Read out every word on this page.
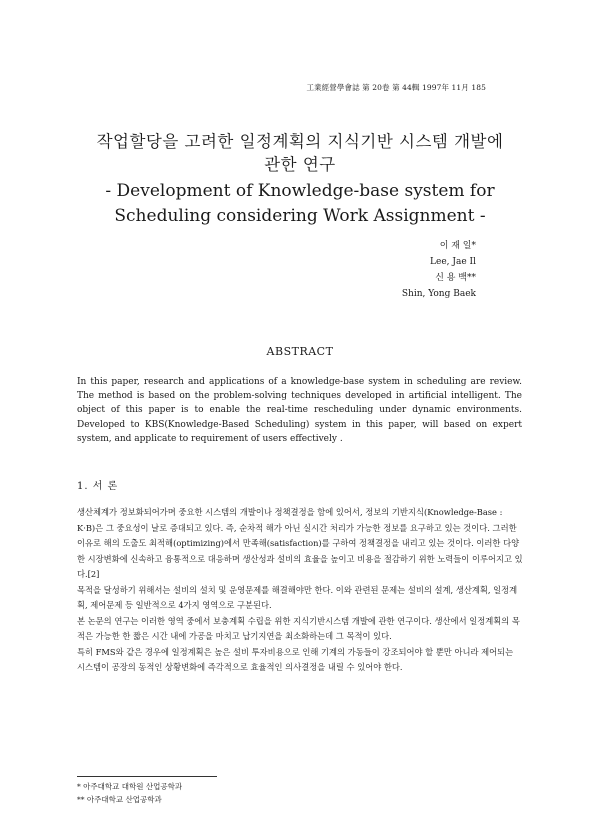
工業經營學會誌 第 20卷 第 44輯 1997年 11月 185
작업할당을 고려한 일정계획의 지식기반 시스템 개발에
관한 연구
- Development of Knowledge-base system for
Scheduling considering Work Assignment -
이 재 일*
Lee, Jae Il
신 용 백**
Shin, Yong Baek
ABSTRACT
In this paper, research and applications of a knowledge-base system in scheduling are review. The method is based on the problem-solving techniques developed in artificial intelligent. The object of this paper is to enable the real-time rescheduling under dynamic environments. Developed to KBS(Knowledge-Based Scheduling) system in this paper, will based on expert system, and applicate to requirement of users effectively .
1. 서 론

생산체계가 정보화되어가며 중요한 시스템의 개발이나 정책결정을 함에 있어서, 정보의 기반지식(Knowledge-Base : K·B)은 그 중요성이 날로 증대되고 있다. 즉, 순차적 해가 아닌 실시간 처리가 가능한 정보를 요구하고 있는 것이다. 그러한 이유로 해의 도출도 최적해(optimizing)에서 만족해(satisfaction)를 구하여 정책결정을 내리고 있는 것이다. 이러한 다양한 시장변화에 신속하고 융통적으로 대응하며 생산성과 설비의 효율을 높이고 비용을 절감하기 위한 노력들이 이루어지고 있다.[2]

목적을 달성하기 위해서는 설비의 설치 및 운영문제를 해결해야만 한다. 이와 관련된 문제는 설비의 설계, 생산계획, 일정계획, 제어문제 등 일반적으로 4가지 영역으로 구분된다.

본 논문의 연구는 이러한 영역 중에서 보충계획 수립을 위한 지식기반시스템 개발에 관한 연구이다. 생산에서 일정계획의 목적은 가능한 한 짧은 시간 내에 가공을 마치고 납기지연을 최소화하는데 그 목적이 있다.

특히 FMS와 같은 경우에 일정계획은 높은 설비 투자비용으로 인해 기계의 가동들이 강조되어야 할 뿐만 아니라 제어되는 시스템이 공장의 동적인 상황변화에 즉각적으로 효율적인 의사결정을 내릴 수 있어야 한다.

* 아주대학교 대학원 산업공학과
** 아주대학교 산업공학과
